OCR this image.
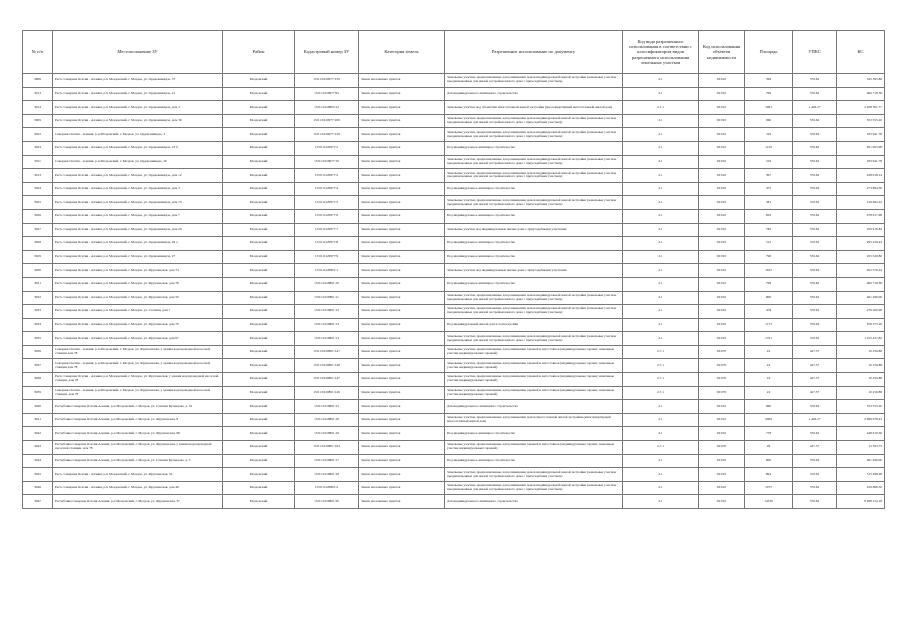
№ п/п	Местоположение ЗУ	Район	Кадастровый номер ЗУ	Категория земель	Разрешенное использование по документу	Код вида разрешенного использования в соответствии с классификатором видов разрешенного использования земельных участков	Код использования объектов недвижимости	Площадь	УПКС	КС
3906	Респ. Северная Осетия - Алания, р-н Моздокский, г. Моздок, ул. Орджоникидзе, 37	Моздокский	15:01:0120977:159	Земли населенных пунктов	Земельные участки, предназначенные для размещения домов индивидуальной жилой застройки (земельные участки, предназначенные для жилой застройки жилого дома с приусадебным участком)	2.1	02:010	599	576.62	345 393.86
3913	Респ. Северная Осетия - Алания, р-н Моздокский, г. Моздок, ул. Орджоникидзе, 21	Моздокский	15:01:0120977:65	Земли населенных пунктов	Для индивидуального жилищного строительства	2.1	02:010	799	576.62	460 719.38
3914	Респ. Северная Осетия - Алания, р-н Моздокский, г. Моздок, ул. Орджоникидзе, дом 3	Моздокский	15:01:0120803:12	Земли населенных пунктов	Земельные участки под объектами многоэтажной жилой застройки (многоквартирный многоэтажный жилой дом)	2.1.1	02:010	1961	1 493.27	2 928 301.77
3909	Респ. Северная Осетия - Алания, р-н Моздокский, г. Моздок, ул. Орджоникидзе, дом 39	Моздокский	15:01:0120977:109	Земли населенных пунктов	Земельные участки, предназначенные для размещения домов индивидуальной жилой застройки (земельные участки, предназначенные для жилой застройки жилого дома с приусадебным участком)	2.1	02:010	960	576.62	553 555.20
3922	Северная Осетия - Алания, р-н Моздокский, г. Моздок, ул. Орджоникидзе, 3	Моздокский	15:01:0120977:129	Земли населенных пунктов	Земельные участки, предназначенные для размещения домов индивидуальной жилой застройки (земельные участки, предназначенные для жилой застройки жилого дома с приусадебным участком)	2.1	02:010	319	576.62	183 941.78
3923	Респ. Северная Осетия - Алания, р-н Моздокский, г. Моздок, ул. Орджоникидзе, 23 б	Моздокский	15:01:0120977:2	Земли населенных пунктов	Под индивидуальное жилищное строительство	2.1	02:010	1129	576.62	651 003.98
3911	Северная Осетия - Алания, р-н Моздокский, г. Моздок, ул. Орджоникидзе, 26	Моздокский	15:01:0120977:10	Земли населенных пунктов	Земельные участки, предназначенные для размещения домов индивидуальной жилой застройки (земельные участки, предназначенные для жилой застройки жилого дома с приусадебным участком)	2.1	02:010	319	576.62	183 941.78
3913	Респ. Северная Осетия - Алания, р-н Моздокский, г. Моздок, ул. Орджоникидзе, дом 12	Моздокский	15:01:0120977:2	Земли населенных пунктов	Земельные участки, предназначенные для размещения домов индивидуальной жилой застройки (земельные участки, предназначенные для жилой застройки жилого дома с приусадебным участком)	2.1	02:010	397	576.62	228 918.14
3924	Респ. Северная Осетия - Алания, р-н Моздокский, г. Моздок, ул. Орджоникидзе, дом 3	Моздокский	15:01:0120977:4	Земли населенных пунктов	Под индивидуальное жилищное строительство	2.1	02:010	475	576.62	273 894.50
3925	Респ. Северная Осетия - Алания, р-н Моздокский, г. Моздок, ул. Орджоникидзе, дом 15	Моздокский	15:01:0120977:5	Земли населенных пунктов	Земельные участки, предназначенные для размещения домов индивидуальной жилой застройки (земельные участки, предназначенные для жилой застройки жилого дома с приусадебным участком)	2.1	02:010	381	576.62	219 692.22
3926	Респ. Северная Осетия - Алания, р-н Моздокский, г. Моздок, ул. Орджоникидзе, дом 7	Моздокский	15:01:0120977:6	Земли населенных пунктов	Под индивидуальное жилищное строительство	2.1	02:010	829	576.62	478 017.98
3927	Респ. Северная Осетия - Алания, р-н Моздокский, г. Моздок, ул. Орджоникидзе, дом 29	Моздокский	15:01:0120977:7	Земли населенных пунктов	Земельные участки под индивидуальные жилые дома с приусадебными участками	2.1	02:010	782	576.62	450 916.84
3928	Респ. Северная Осетия - Алания, р-н Моздокский, г. Моздок, ул. Орджоникидзе, 29 а	Моздокский	15:01:0120977:8	Земли населенных пунктов	Под индивидуальное жилищное строительство	2.1	02:010	512	576.62	295 229.44
3929	Респ. Северная Осетия - Алания, р-н Моздокский, г. Моздок, ул. Орджоникидзе, 27	Моздокский	15:01:0120977:9	Земли населенных пунктов	Под индивидуальное жилищное строительство	2.1	02:010	790	576.62	455 529.80
3930	Респ. Северная Осетия - Алания, р-н Моздокский, г. Моздок, ул. Фрунзенская, дом 74	Моздокский	15:01:0120801:1	Земли населенных пунктов	Земельные участки под индивидуальные жилые дома с приусадебными участками	2.1	02:010	1652	576.62	952 576.24
3931	Респ. Северная Осетия - Алания, р-н Моздокский, г. Моздок, ул. Фрунзенская, дом 76	Моздокский	15:01:0120801:10	Земли населенных пунктов	Под индивидуальное жилищное строительство	2.1	02:010	799	576.62	460 719.38
3932	Респ. Северная Осетия - Алания, р-н Моздокский, г. Моздок, ул. Фрунзенская, дом 50	Моздокский	15:01:0120801:11	Земли населенных пунктов	Земельные участки, предназначенные для размещения домов индивидуальной жилой застройки (земельные участки, предназначенные для жилой застройки жилого дома с приусадебным участком)	2.1	02:010	800	576.62	461 296.00
3933	Респ. Северная Осетия - Алания, р-н Моздокский, г. Моздок, ул. Степная, дом 7	Моздокский	15:01:0120801:12	Земли населенных пунктов	Земельные участки, предназначенные для размещения домов индивидуальной жилой застройки (земельные участки, предназначенные для жилой застройки жилого дома с приусадебным участком)	2.1	02:010	479	576.62	276 200.98
3934	Респ. Северная Осетия - Алания, р-н Моздокский, г. Моздок, ул. Фрунзенская, дом 70	Моздокский	15:01:0120801:13	Земли населенных пунктов	Под индивидуальный жилой дом и хозпостройки	2.1	02:010	1173	576.62	676 375.26
3935	Респ. Северная Осетия - Алания, р-н Моздокский, г. Моздок, ул. Фрунзенская, дом 67	Моздокский	15:01:0120801:14	Земли населенных пунктов	Земельные участки, предназначенные для размещения домов индивидуальной жилой застройки (земельные участки, предназначенные для жилой застройки жилого дома с приусадебным участком)	2.1	02:010	1761	576.62	1 015 427.82
3936	Северная Осетия - Алания, р-н Моздокский, г. Моздок, ул. Фрунзенская, у здания водопроводной насосной станции дом 78	Моздокский	15:01:0120801:147	Земли населенных пунктов	Земельные участки, предназначенные для размещения гаражей и автостоянок (индивидуальные гаражи; земельные участки индивидуальных гаражей)	2.7.1	02:070	24	427.37	10 256.88
3937	Северная Осетия - Алания, р-н Моздокский, г. Моздок, ул. Фрунзенская, у здания водопроводной насосной станции дом 78	Моздокский	15:01:0120801:148	Земли населенных пунктов	Земельные участки, предназначенные для размещения гаражей и автостоянок (индивидуальные гаражи; земельные участки индивидуальных гаражей)	2.7.1	02:070	24	427.37	10 256.88
3938	Респ. Северная Осетия - Алания, р-н Моздокский, г. Моздок, ул. Фрунзенская, у здания водопроводной насосной станции, дом 78	Моздокский	15:01:0120801:147	Земли населенных пунктов	Земельные участки, предназначенные для размещения гаражей и автостоянок (индивидуальные гаражи; земельные участки индивидуальных гаражей)	2.7.1	02:070	24	427.37	10 256.88
3939	Северная Осетия - Алания, р-н Моздокский, г. Моздок, ул. Фрунзенская, у здания водопроводной насосной станции, дом 78	Моздокский	15:01:0120801:149	Земли населенных пунктов	Земельные участки, предназначенные для размещения гаражей и автостоянок (индивидуальные гаражи; земельные участки индивидуальных гаражей)	2.7.1	02:070	24	427.37	10 256.88
3940	Республика Северная Осетия-Алания, р-н Моздокский, г. Моздок, ул. Степная Кузнецова, д. 19	Моздокский	15:01:0120801:15	Земли населенных пунктов	Для индивидуального жилищного строительства	2.1	02:010	960	576.62	553 555.20
3941	Республика Северная Осетия-Алания, р-н Моздокский, г. Моздок, ул. Фрунзенская, 8	Моздокский	15:01:0120801:16	Земли населенных пунктов	Земельные участки, предназначенные для размещения домов многоэтажной жилой застройки (многоквартирный многоэтажный жилой дом)	2.1	02:010	2009	1 493.27	2 999 978.43
3942	Республика Северная Осетия-Алания, р-н Моздокский, г. Моздок, ул. Фрунзенская, 68	Моздокский	15:01:0120801:16	Земли населенных пунктов	Под индивидуальное жилищное строительство	2.1	02:010	778	576.62	448 610.36
3943	Республика Северная Осетия-Алания, р-н Моздокский, г. Моздок, ул. Фрунзенская, у здания водопроводной насосной станции, дом 78	Моздокский	15:01:0120801:164	Земли населенных пунктов	Земельные участки, предназначенные для размещения гаражей и автостоянок (индивидуальные гаражи; земельные участки индивидуальных гаражей)	2.7.1	02:070	29	427.37	12 393.73
3944	Республика Северная Осетия-Алания, р-н Моздокский, г. Моздок, ул. Степная Кузнецова, д. 3	Моздокский	15:01:0120801:17	Земли населенных пунктов	Под индивидуальное жилищное строительство	2.1	02:010	800	576.62	461 296.00
3945	Респ. Северная Осетия - Алания, р-н Моздокский, г. Моздок, ул. Фрунзенская, 52	Моздокский	15:01:0120801:18	Земли населенных пунктов	Земельные участки, предназначенные для размещения домов индивидуальной жилой застройки (земельные участки, предназначенные для жилой застройки жилого дома с приусадебным участком)	2.1	02:010	894	576.62	515 498.28
3946	Респ. Северная Осетия - Алания, р-н Моздокский, г. Моздок, ул. Фрунзенская, дом 46	Моздокский	15:01:0120801:2	Земли населенных пунктов	Земельные участки, предназначенные для размещения домов индивидуальной жилой застройки (земельные участки, предназначенные для жилой застройки жилого дома с приусадебным участком)	2.1	02:010	1075	576.62	619 866.50
3947	Республика Северная Осетия-Алания, р-н Моздокский, г. Моздок, ул. Фрунзенская, 37	Моздокский	15:01:0120801:20	Земли населенных пунктов	Для индивидуального жилищного строительства	2.1	02:010	14339	576.62	8 268 154.18
